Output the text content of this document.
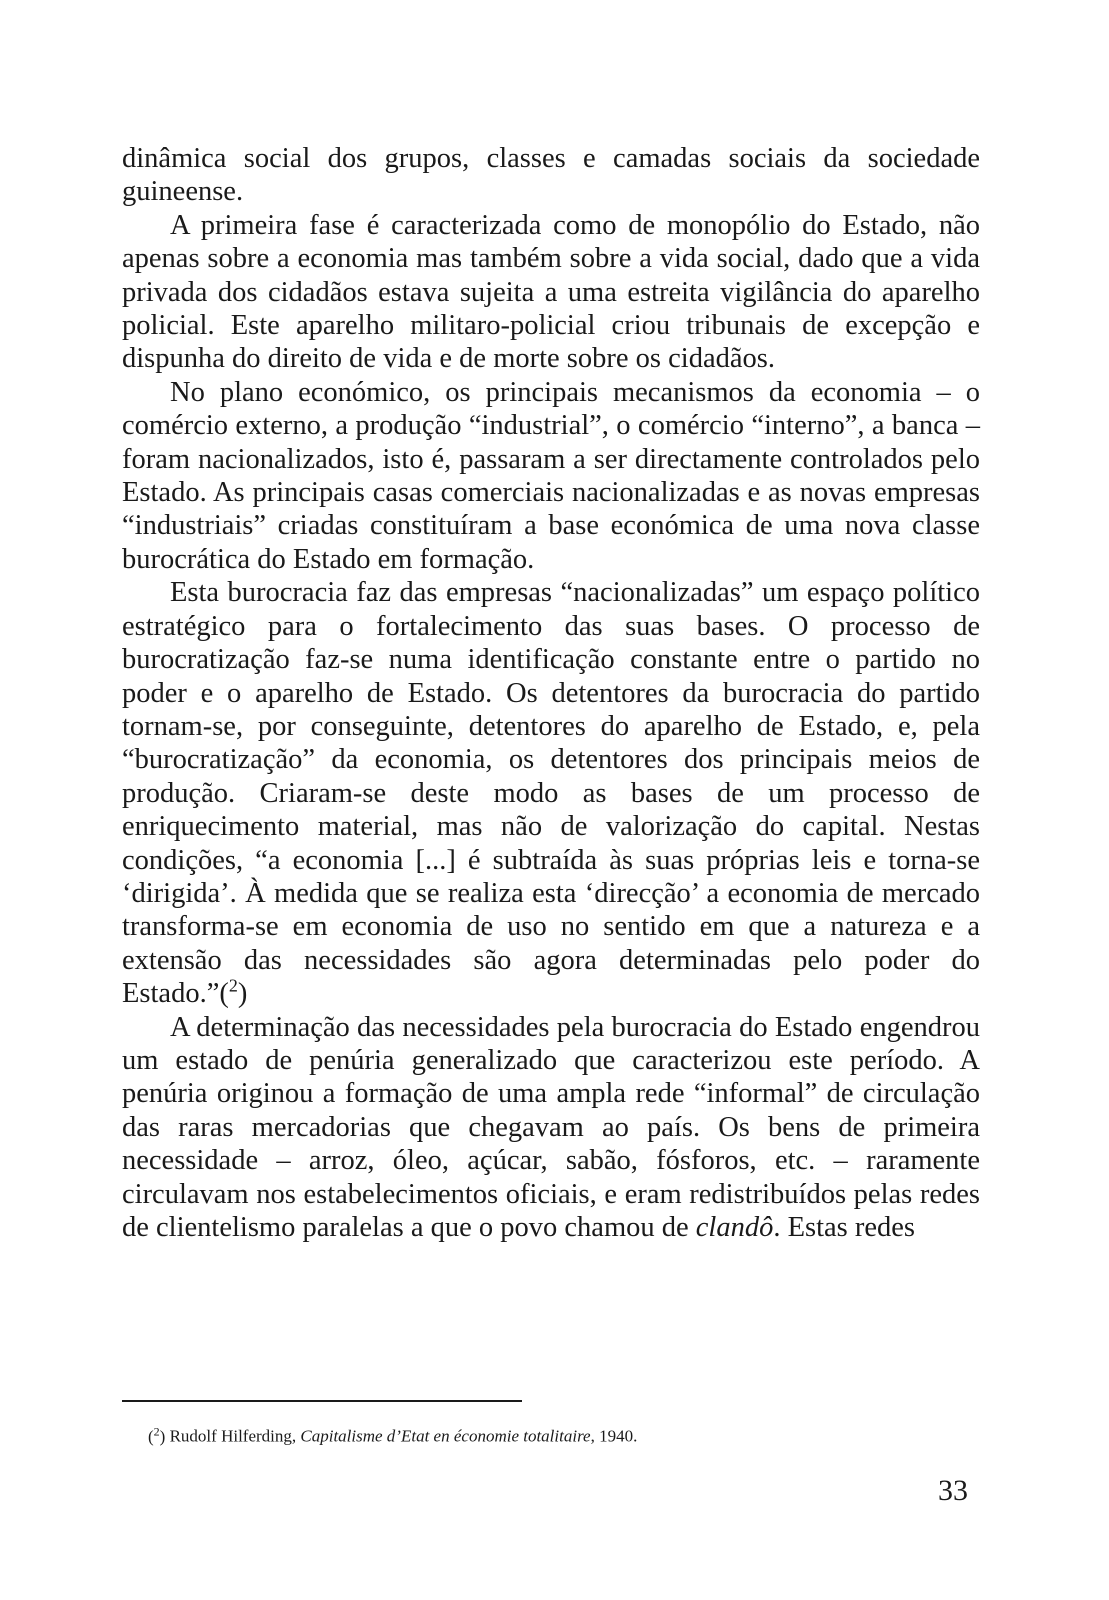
dinâmica social dos grupos, classes e camadas sociais da sociedade guineense.

A primeira fase é caracterizada como de monopólio do Estado, não apenas sobre a economia mas também sobre a vida social, dado que a vida privada dos cidadãos estava sujeita a uma estreita vigilância do aparelho policial. Este aparelho militaro-policial criou tribunais de excepção e dispunha do direito de vida e de morte sobre os cidadãos.

No plano económico, os principais mecanismos da economia – o comércio externo, a produção “industrial”, o comércio “interno”, a banca – foram nacionalizados, isto é, passaram a ser directamente controlados pelo Estado. As principais casas comerciais nacionalizadas e as novas empresas “industriais” criadas constituíram a base económica de uma nova classe burocrática do Estado em formação.

Esta burocracia faz das empresas “nacionalizadas” um espaço político estratégico para o fortalecimento das suas bases. O processo de burocratização faz-se numa identificação constante entre o partido no poder e o aparelho de Estado. Os detentores da burocracia do partido tornam-se, por conseguinte, detentores do aparelho de Estado, e, pela “burocratização” da economia, os detentores dos principais meios de produção. Criaram-se deste modo as bases de um processo de enriquecimento material, mas não de valorização do capital. Nestas condições, “a economia [...] é subtraída às suas próprias leis e torna-se ‘dirigida’. À medida que se realiza esta ‘direcção’ a economia de mercado transforma-se em economia de uso no sentido em que a natureza e a extensão das necessidades são agora determinadas pelo poder do Estado.”($^2$)

A determinação das necessidades pela burocracia do Estado engendrou um estado de penúria generalizado que caracterizou este período. A penúria originou a formação de uma ampla rede “informal” de circulação das raras mercadorias que chegavam ao país. Os bens de primeira necessidade – arroz, óleo, açúcar, sabão, fósforos, etc. – raramente circulavam nos estabelecimentos oficiais, e eram redistribuídos pelas redes de clientelismo paralelas a que o povo chamou de clandô. Estas redes

($^2$) Rudolf Hilferding, Capitalisme d’Etat en économie totalitaire, 1940.
33
